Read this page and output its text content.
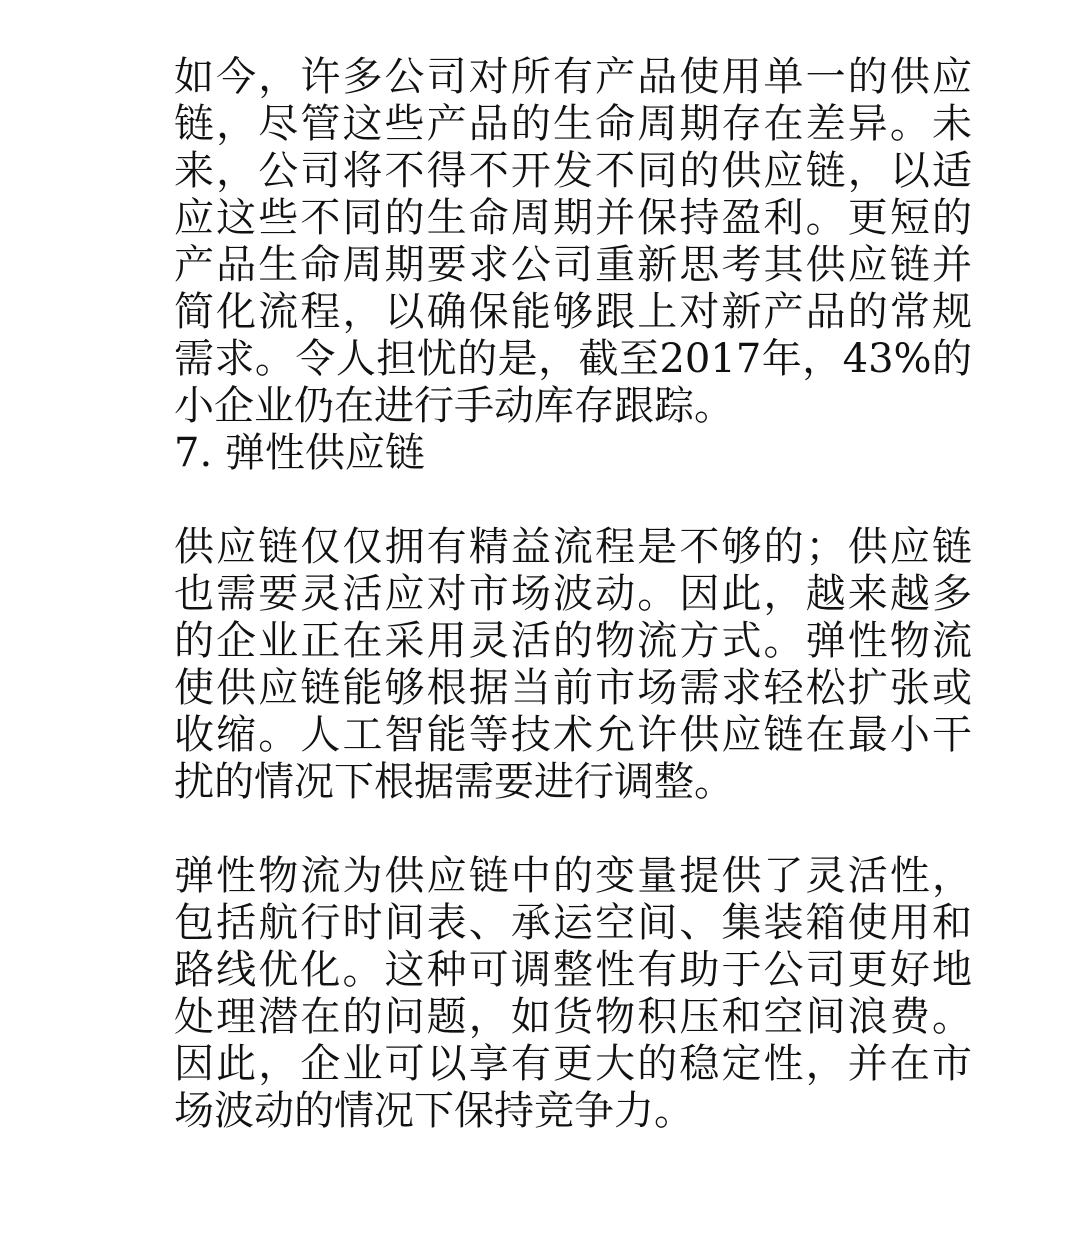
如今，许多公司对所有产品使用单一的供应链，尽管这些产品的生命周期存在差异。未来，公司将不得不开发不同的供应链，以适应这些不同的生命周期并保持盈利。更短的产品生命周期要求公司重新思考其供应链并简化流程，以确保能够跟上对新产品的常规需求。令人担忧的是，截至2017年，43%的小企业仍在进行手动库存跟踪。

7. 弹性供应链

供应链仅仅拥有精益流程是不够的；供应链也需要灵活应对市场波动。因此，越来越多的企业正在采用灵活的物流方式。弹性物流使供应链能够根据当前市场需求轻松扩张或收缩。人工智能等技术允许供应链在最小干扰的情况下根据需要进行调整。

弹性物流为供应链中的变量提供了灵活性，包括航行时间表、承运空间、集装箱使用和路线优化。这种可调整性有助于公司更好地处理潜在的问题，如货物积压和空间浪费。因此，企业可以享有更大的稳定性，并在市场波动的情况下保持竞争力。
